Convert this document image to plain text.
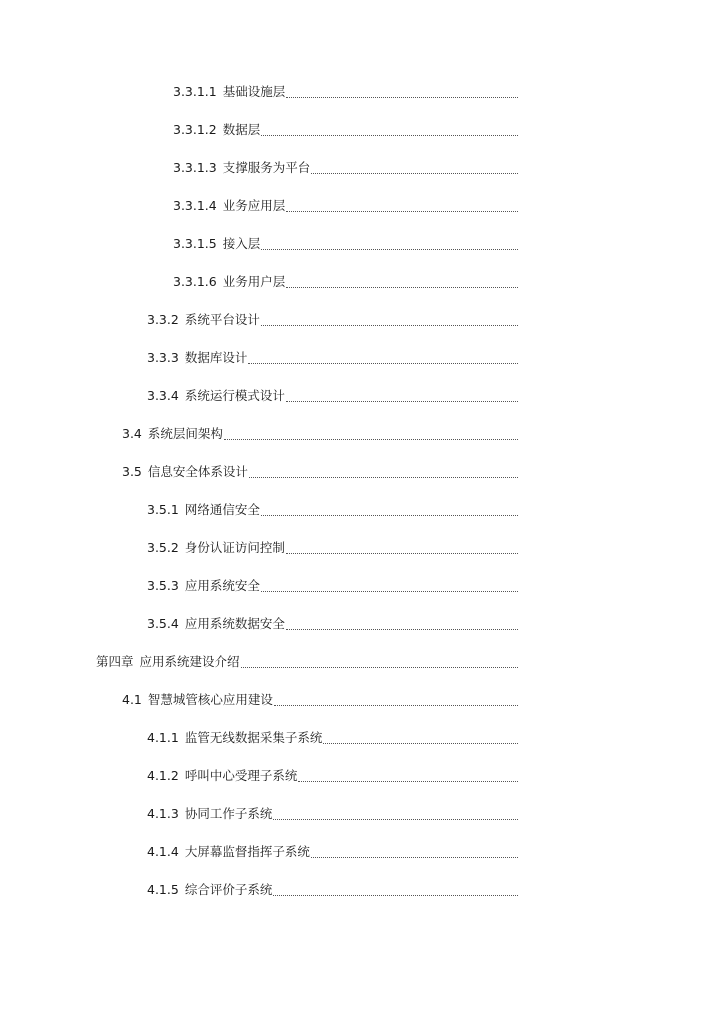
3.3.1.1 基础设施层
3.3.1.2 数据层
3.3.1.3 支撑服务为平台
3.3.1.4 业务应用层
3.3.1.5 接入层
3.3.1.6 业务用户层
3.3.2 系统平台设计
3.3.3 数据库设计
3.3.4 系统运行模式设计
3.4 系统层间架构
3.5 信息安全体系设计
3.5.1 网络通信安全
3.5.2 身份认证访问控制
3.5.3 应用系统安全
3.5.4 应用系统数据安全
第四章 应用系统建设介绍
4.1 智慧城管核心应用建设
4.1.1 监管无线数据采集子系统
4.1.2 呼叫中心受理子系统
4.1.3 协同工作子系统
4.1.4 大屏幕监督指挥子系统
4.1.5 综合评价子系统
